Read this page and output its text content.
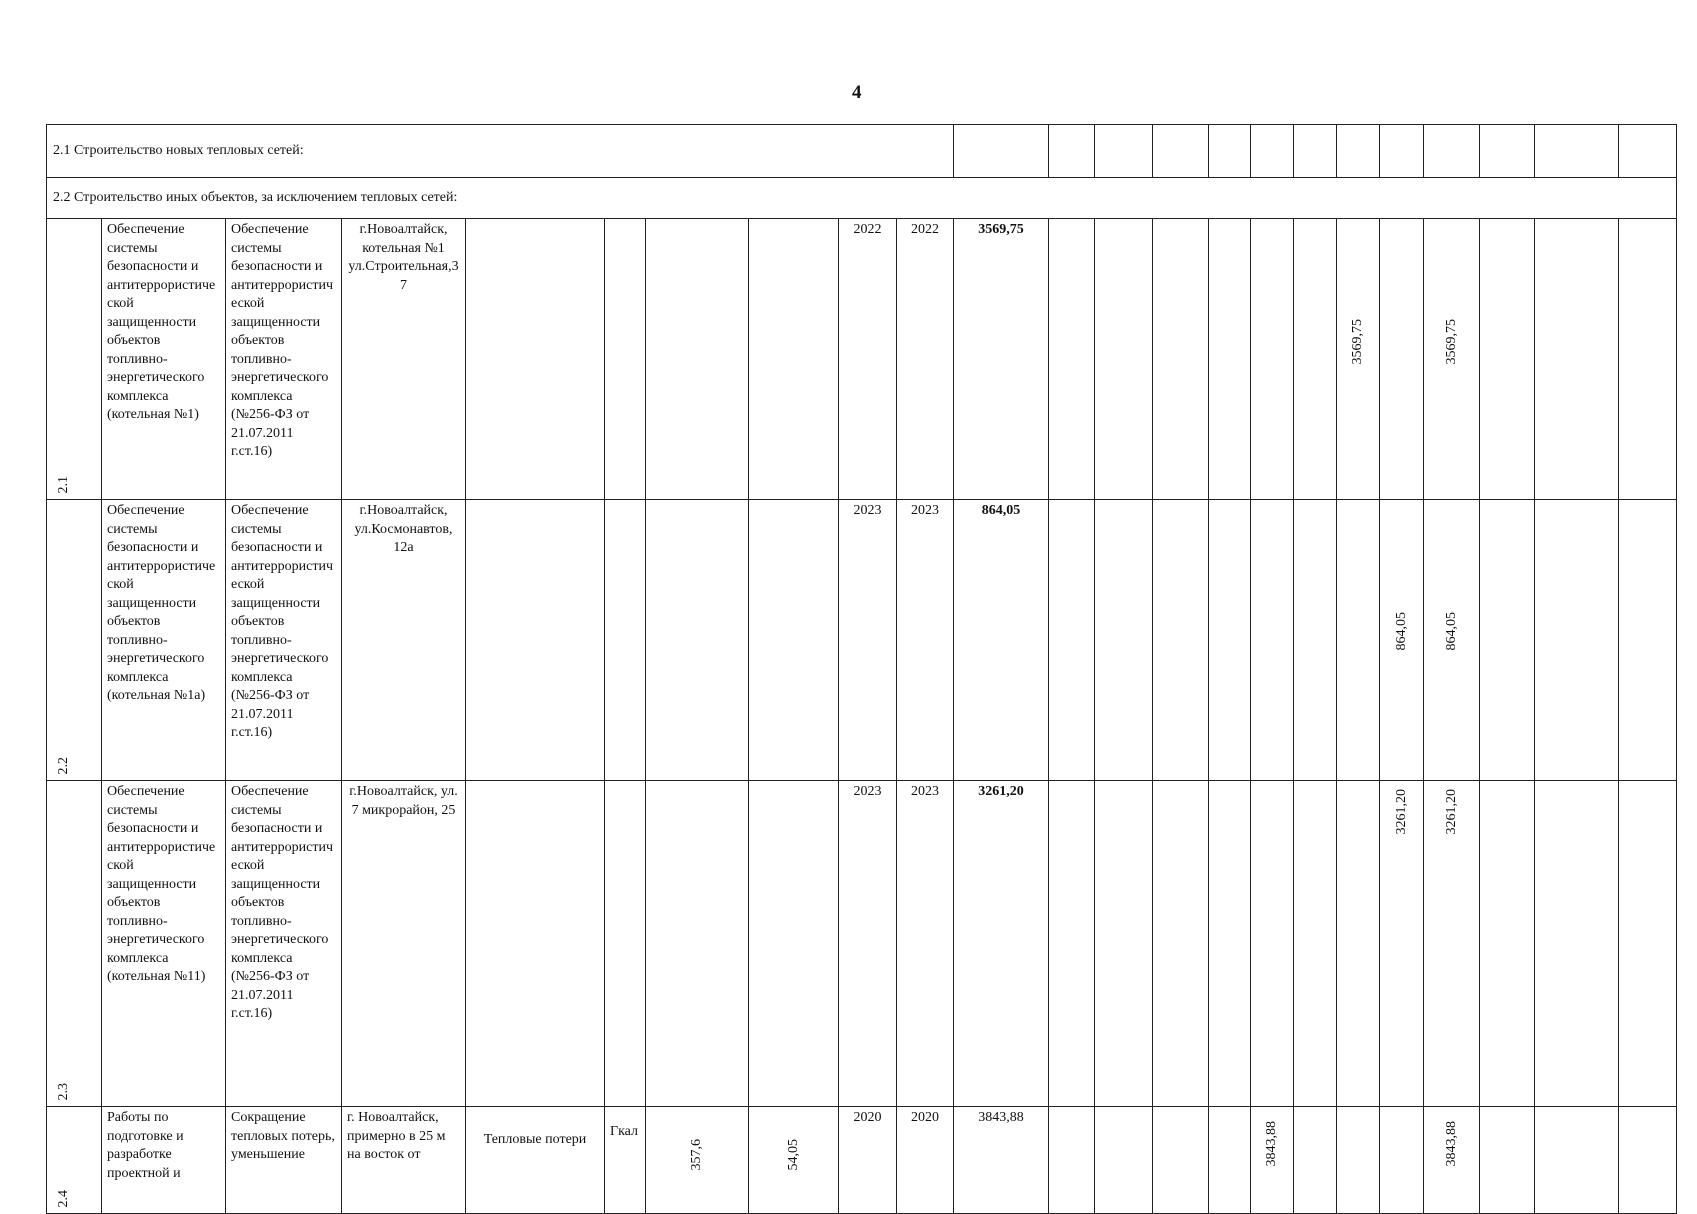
4
2.1 Строительство новых тепловых сетей:																						
2.2 Строительство иных объектов, за исключением тепловых сетей:																						

2.1	Обеспечение системы безопасности и антитеррористической защищенности объектов топливно-энергетического комплекса (котельная №1)	Обеспечение системы безопасности и антитеррористической защищенности объектов топливно-энергетического комплекса (№256-ФЗ от 21.07.2011 г.ст.16)	г.Новоалтайск, котельная №1 ул.Строительная,37					2022	2022	3569,75							3569,75		3569,75			

2.2	Обеспечение системы безопасности и антитеррористической защищенности объектов топливно-энергетического комплекса (котельная №1а)	Обеспечение системы безопасности и антитеррористической защищенности объектов топливно-энергетического комплекса (№256-ФЗ от 21.07.2011 г.ст.16)	г.Новоалтайск, ул.Космонавтов, 12а					2023	2023	864,05								864,05	864,05			

2.3	Обеспечение системы безопасности и антитеррористической защищенности объектов топливно-энергетического комплекса (котельная №11)	Обеспечение системы безопасности и антитеррористической защищенности объектов топливно-энергетического комплекса (№256-ФЗ от 21.07.2011 г.ст.16)	г.Новоалтайск, ул. 7 микрорайон, 25					2023	2023	3261,20								3261,20	3261,20			

2.4	Работы по подготовке и разработке проектной и	Сокращение тепловых потерь, уменьшение	г. Новоалтайск, примерно в 25 м на восток от	Тепловые потери	Гкал	357,6	54,05	2020	2020	3843,88					3843,88				3843,88			
